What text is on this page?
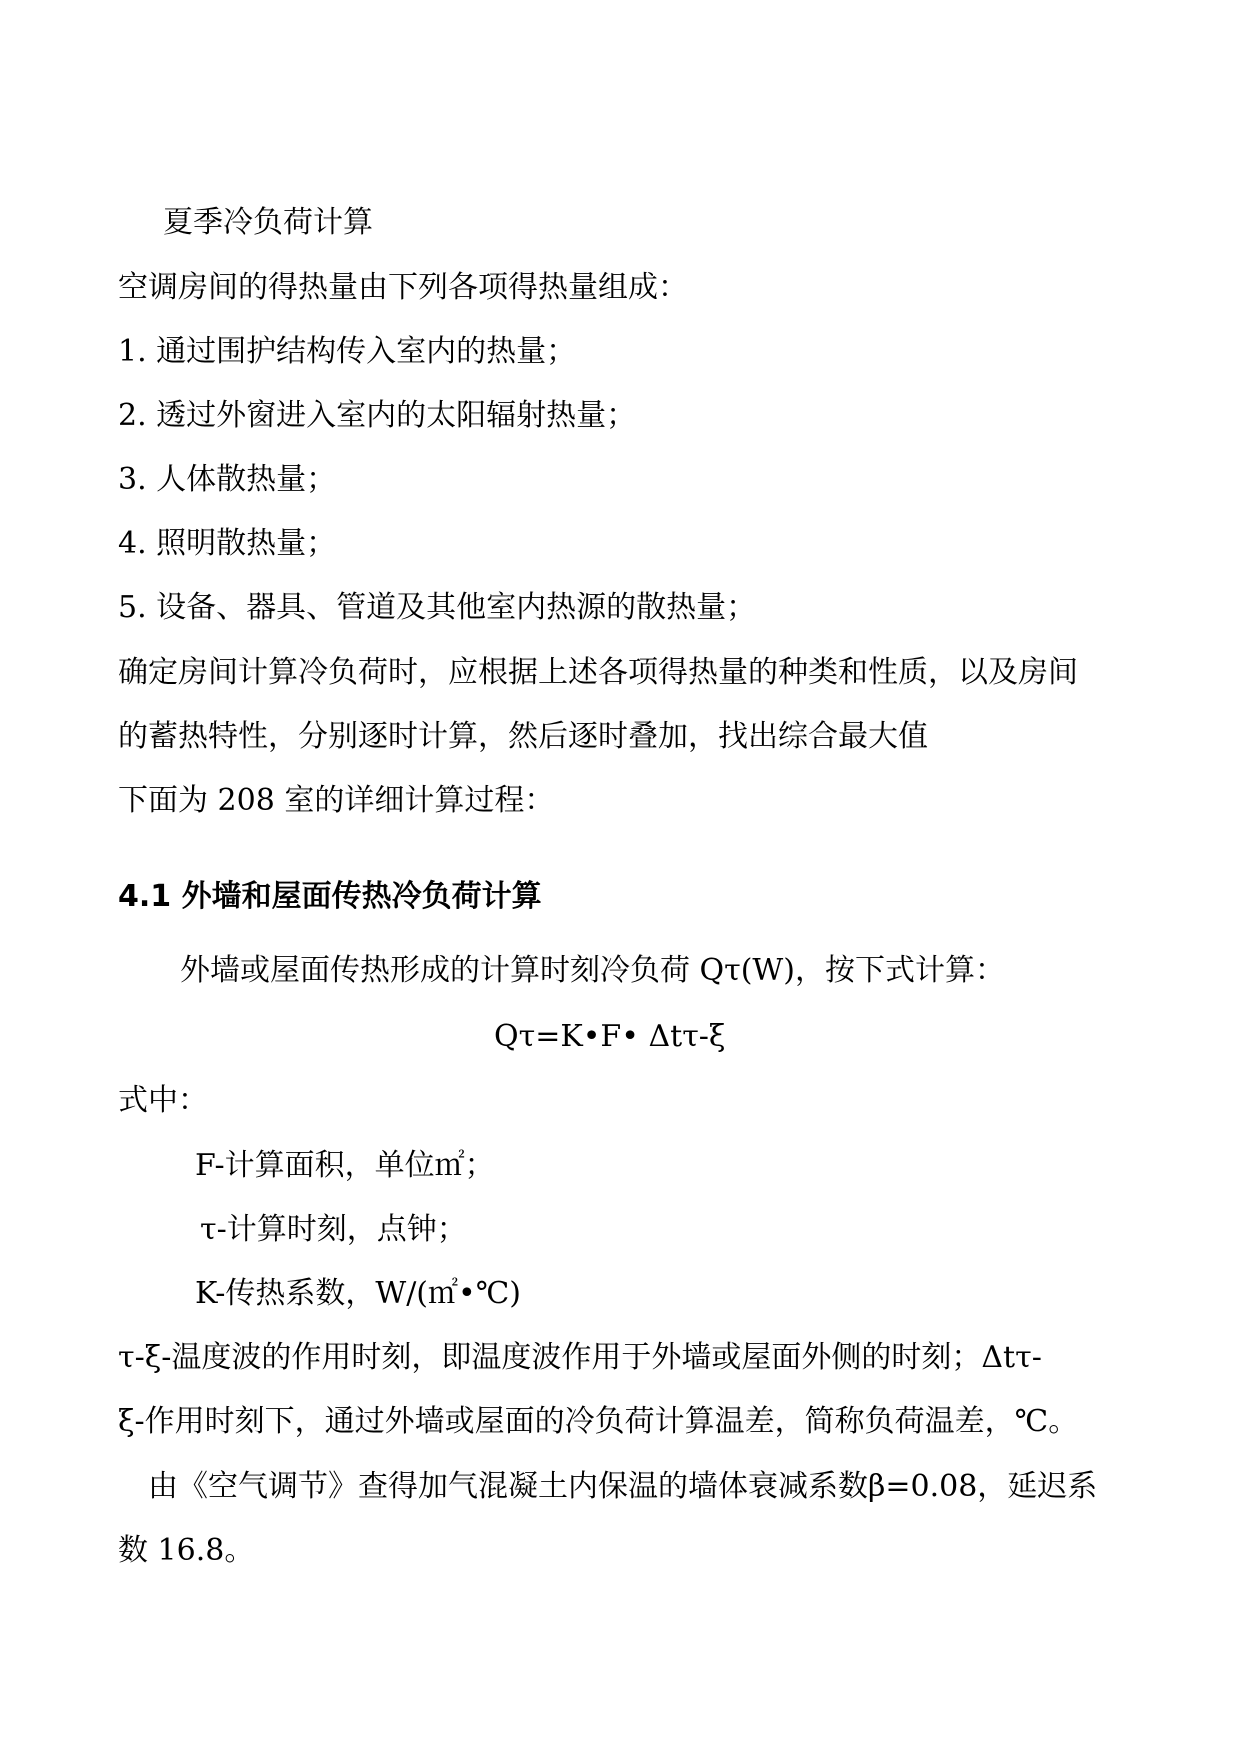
夏季冷负荷计算
空调房间的得热量由下列各项得热量组成：
1. 通过围护结构传入室内的热量；
2. 透过外窗进入室内的太阳辐射热量；
3. 人体散热量；
4. 照明散热量；
5. 设备、器具、管道及其他室内热源的散热量；
确定房间计算冷负荷时，应根据上述各项得热量的种类和性质，以及房间
的蓄热特性，分别逐时计算，然后逐时叠加，找出综合最大值
下面为 208 室的详细计算过程：
4.1 外墙和屋面传热冷负荷计算
外墙或屋面传热形成的计算时刻冷负荷 Qτ(W)，按下式计算：
Qτ=K•F• Δtτ-ξ
式中：
F-计算面积，单位㎡；
τ-计算时刻，点钟；
K-传热系数，W/(㎡•℃)
τ-ξ-温度波的作用时刻，即温度波作用于外墙或屋面外侧的时刻；Δtτ-
ξ-作用时刻下，通过外墙或屋面的冷负荷计算温差，简称负荷温差，℃。
由《空气调节》查得加气混凝土内保温的墙体衰减系数β=0.08，延迟系
数 16.8。
